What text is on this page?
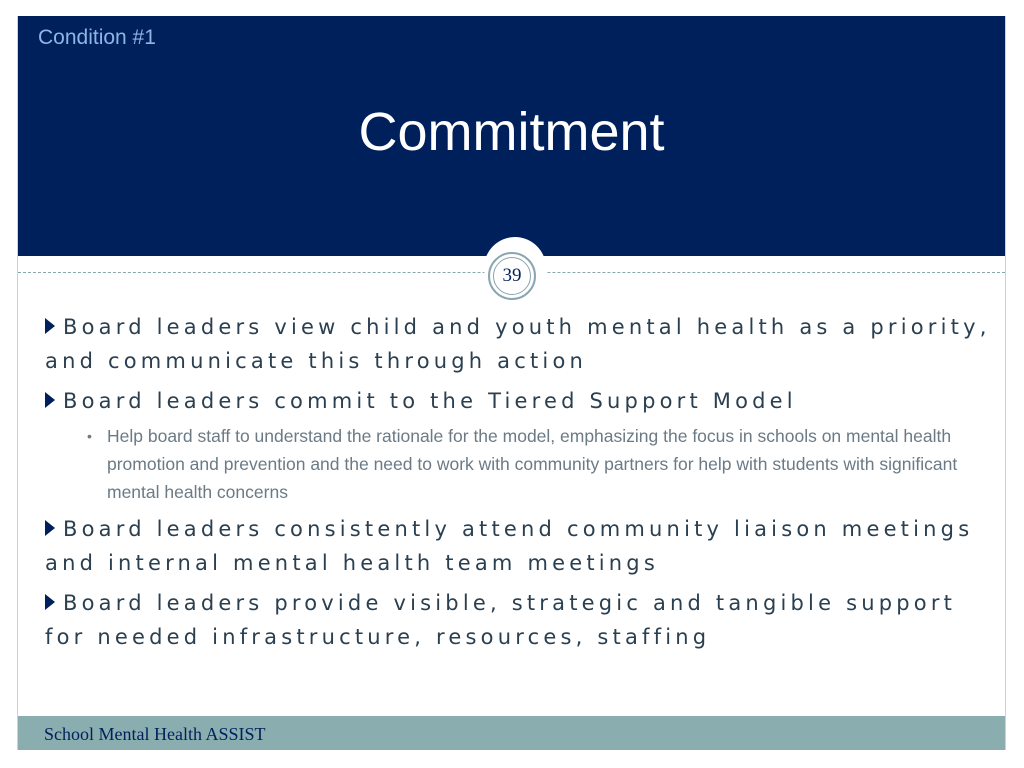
Condition #1
Commitment
39
Board leaders view child and youth mental health as a priority, and communicate this through action
Board leaders commit to the Tiered Support Model
• Help board staff to understand the rationale for the model, emphasizing the focus in schools on mental health promotion and prevention and the need to work with community partners for help with students with significant mental health concerns
Board leaders consistently attend community liaison meetings and internal mental health team meetings
Board leaders provide visible, strategic and tangible support for needed infrastructure, resources, staffing
School Mental Health ASSIST
